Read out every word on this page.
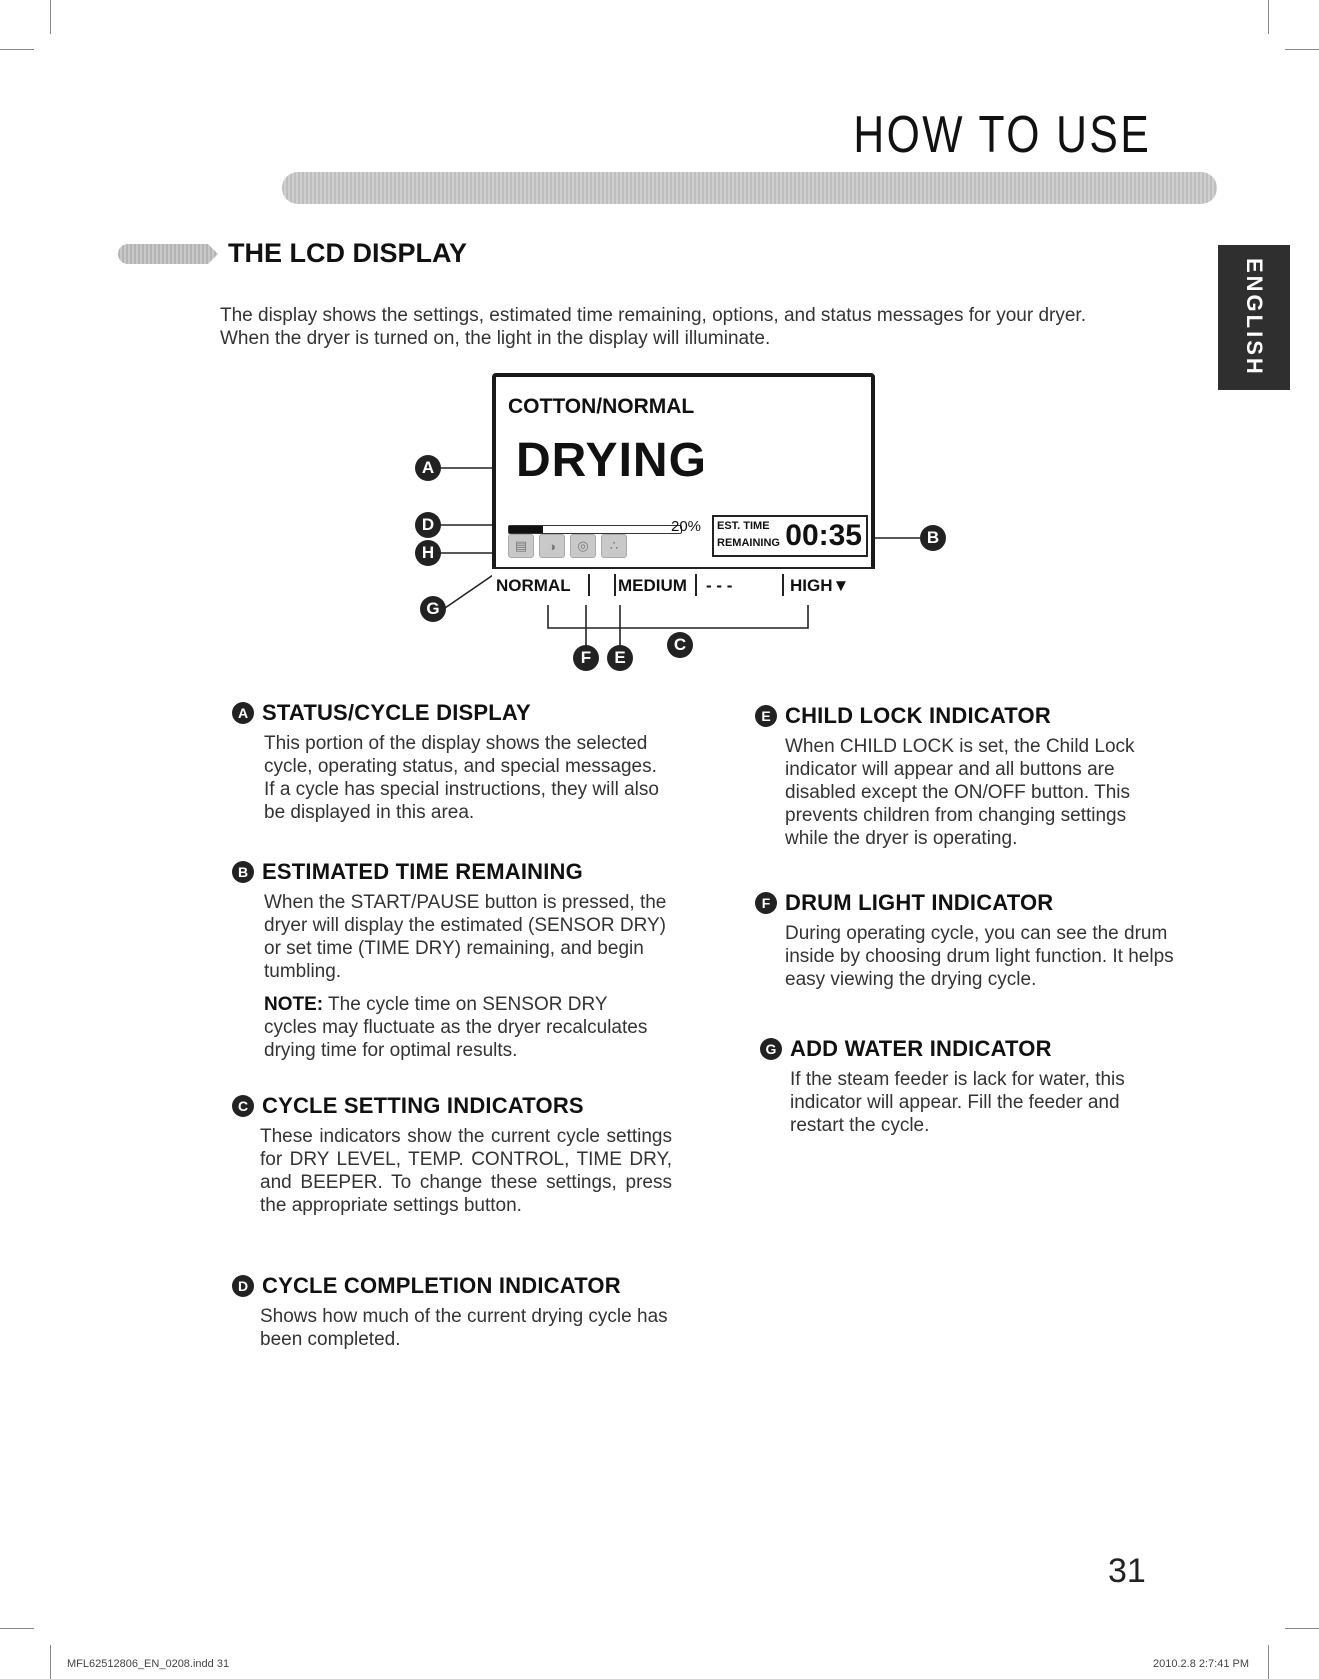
HOW TO USE
ENGLISH
THE LCD DISPLAY
The display shows the settings, estimated time remaining, options, and status messages for your dryer. When the dryer is turned on, the light in the display will illuminate.
COTTON/NORMAL
DRYING
20% EST. TIME
REMAINING 00:35
▤	◑	◎	∴
NORMAL	MEDIUM - - -	HIGH▼
A
D
H
G
B
F	E
C
A STATUS/CYCLE DISPLAY
This portion of the display shows the selected cycle, operating status, and special messages. If a cycle has special instructions, they will also be displayed in this area.
B ESTIMATED TIME REMAINING
When the START/PAUSE button is pressed, the dryer will display the estimated (SENSOR DRY) or set time (TIME DRY) remaining, and begin tumbling.
NOTE: The cycle time on SENSOR DRY cycles may fluctuate as the dryer recalculates drying time for optimal results.
C CYCLE SETTING INDICATORS
These indicators show the current cycle settings for DRY LEVEL, TEMP. CONTROL, TIME DRY, and BEEPER. To change these settings, press the appropriate settings button.
D CYCLE COMPLETION INDICATOR
Shows how much of the current drying cycle has been completed.
E CHILD LOCK INDICATOR
When CHILD LOCK is set, the Child Lock indicator will appear and all buttons are disabled except the ON/OFF button. This prevents children from changing settings while the dryer is operating.
F DRUM LIGHT INDICATOR
During operating cycle, you can see the drum inside by choosing drum light function. It helps easy viewing the drying cycle.
G ADD WATER INDICATOR
If the steam feeder is lack for water, this indicator will appear. Fill the feeder and restart the cycle.
31
MFL62512806_EN_0208.indd 31	2010.2.8 2:7:41 PM
